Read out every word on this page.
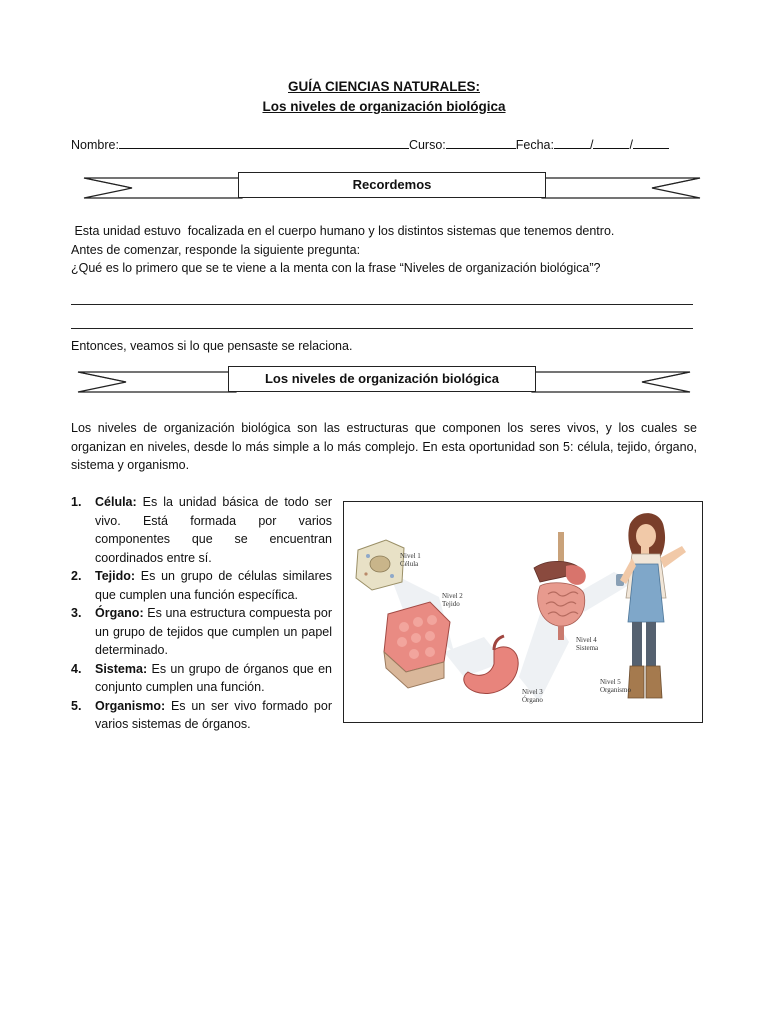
GUÍA CIENCIAS NATURALES:
Los niveles de organización biológica
Nombre:	Curso:	Fecha:	/	/
Recordemos
Esta unidad estuvo  focalizada en el cuerpo humano y los distintos sistemas que tenemos dentro.
Antes de comenzar, responde la siguiente pregunta:
¿Qué es lo primero que se te viene a la menta con la frase “Niveles de organización biológica”?
Entonces, veamos si lo que pensaste se relaciona.
Los niveles de organización biológica
Los niveles de organización biológica son las estructuras que componen los seres vivos, y los cuales se organizan en niveles, desde lo más simple a lo más complejo. En esta oportunidad son 5: célula, tejido, órgano, sistema y organismo.
1. Célula: Es la unidad básica de todo ser vivo. Está formada por varios componentes que se encuentran coordinados entre sí.
2. Tejido: Es un grupo de células similares que cumplen una función específica.
3. Órgano: Es una estructura compuesta por un grupo de tejidos que cumplen un papel determinado.
4. Sistema: Es un grupo de órganos que en conjunto cumplen una función.
5. Organismo: Es un ser vivo formado por varios sistemas de órganos.
Nivel 1
Célula
Nivel 2
Tejido
Nivel 3
Órgano
Nivel 4
Sistema
Nivel 5
Organismo
